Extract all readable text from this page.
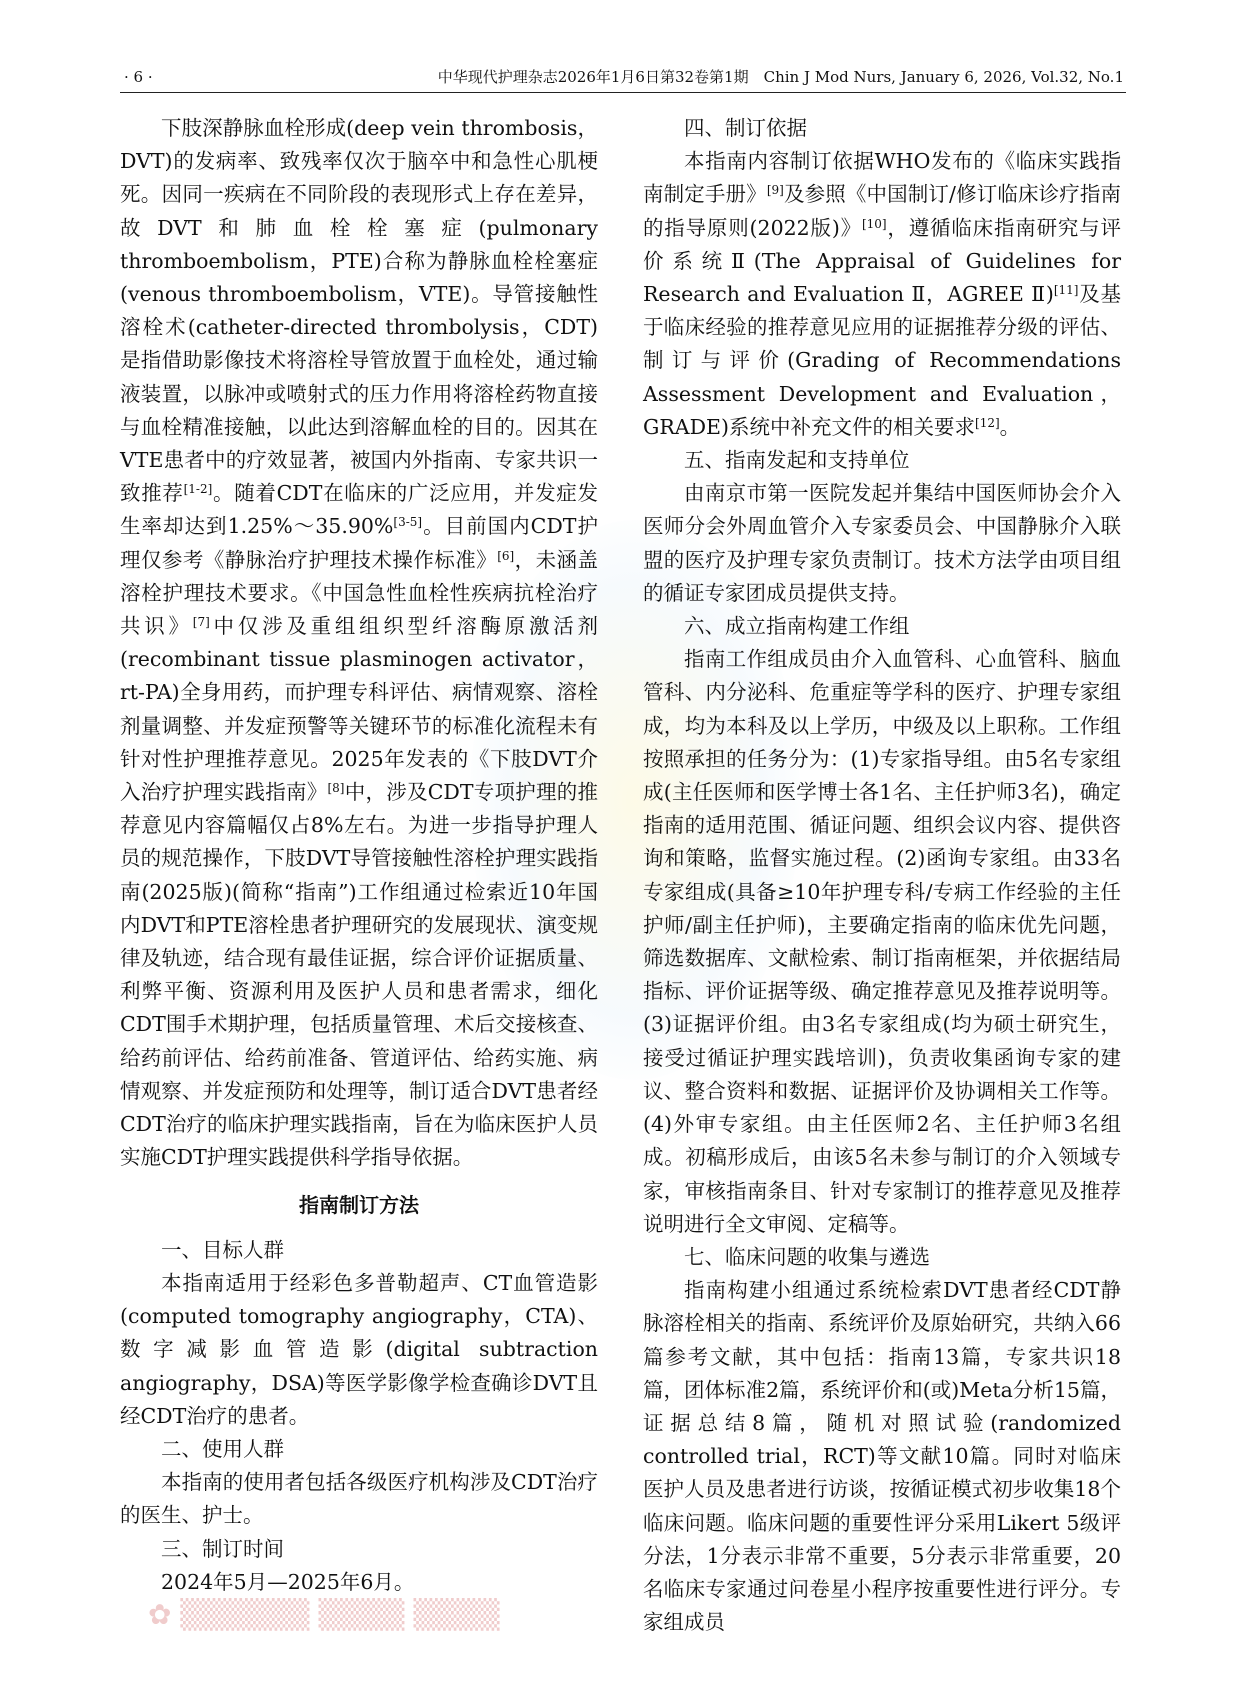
· 6 ·	中华现代护理杂志2026年1月6日第32卷第1期　Chin J Mod Nurs, January 6, 2026, Vol.32, No.1

下肢深静脉血栓形成(deep vein thrombosis，DVT)的发病率、致残率仅次于脑卒中和急性心肌梗死。因同一疾病在不同阶段的表现形式上存在差异，故DVT和肺血栓栓塞症(pulmonary thromboembolism，PTE)合称为静脉血栓栓塞症(venous thromboembolism，VTE)。导管接触性溶栓术(catheter-directed thrombolysis，CDT)是指借助影像技术将溶栓导管放置于血栓处，通过输液装置，以脉冲或喷射式的压力作用将溶栓药物直接与血栓精准接触，以此达到溶解血栓的目的。因其在VTE患者中的疗效显著，被国内外指南、专家共识一致推荐[1-2]。随着CDT在临床的广泛应用，并发症发生率却达到1.25%～35.90%[3-5]。目前国内CDT护理仅参考《静脉治疗护理技术操作标准》[6]，未涵盖溶栓护理技术要求。《中国急性血栓性疾病抗栓治疗共识》[7]中仅涉及重组组织型纤溶酶原激活剂(recombinant tissue plasminogen activator，rt-PA)全身用药，而护理专科评估、病情观察、溶栓剂量调整、并发症预警等关键环节的标准化流程未有针对性护理推荐意见。2025年发表的《下肢DVT介入治疗护理实践指南》[8]中，涉及CDT专项护理的推荐意见内容篇幅仅占8%左右。为进一步指导护理人员的规范操作，下肢DVT导管接触性溶栓护理实践指南(2025版)(简称“指南”)工作组通过检索近10年国内DVT和PTE溶栓患者护理研究的发展现状、演变规律及轨迹，结合现有最佳证据，综合评价证据质量、利弊平衡、资源利用及医护人员和患者需求，细化CDT围手术期护理，包括质量管理、术后交接核查、给药前评估、给药前准备、管道评估、给药实施、病情观察、并发症预防和处理等，制订适合DVT患者经CDT治疗的临床护理实践指南，旨在为临床医护人员实施CDT护理实践提供科学指导依据。

指南制订方法

一、目标人群

本指南适用于经彩色多普勒超声、CT血管造影(computed tomography angiography，CTA)、数字减影血管造影(digital subtraction angiography，DSA)等医学影像学检查确诊DVT且经CDT治疗的患者。

二、使用人群

本指南的使用者包括各级医疗机构涉及CDT治疗的医生、护士。

三、制订时间

2024年5月—2025年6月。

四、制订依据

本指南内容制订依据WHO发布的《临床实践指南制定手册》[9]及参照《中国制订/修订临床诊疗指南的指导原则(2022版)》[10]，遵循临床指南研究与评价系统Ⅱ(The Appraisal of Guidelines for Research and Evaluation Ⅱ，AGREE Ⅱ)[11]及基于临床经验的推荐意见应用的证据推荐分级的评估、制订与评价(Grading of Recommendations Assessment Development and Evaluation，GRADE)系统中补充文件的相关要求[12]。

五、指南发起和支持单位

由南京市第一医院发起并集结中国医师协会介入医师分会外周血管介入专家委员会、中国静脉介入联盟的医疗及护理专家负责制订。技术方法学由项目组的循证专家团成员提供支持。

六、成立指南构建工作组

指南工作组成员由介入血管科、心血管科、脑血管科、内分泌科、危重症等学科的医疗、护理专家组成，均为本科及以上学历，中级及以上职称。工作组按照承担的任务分为：(1)专家指导组。由5名专家组成(主任医师和医学博士各1名、主任护师3名)，确定指南的适用范围、循证问题、组织会议内容、提供咨询和策略，监督实施过程。(2)函询专家组。由33名专家组成(具备≥10年护理专科/专病工作经验的主任护师/副主任护师)，主要确定指南的临床优先问题，筛选数据库、文献检索、制订指南框架，并依据结局指标、评价证据等级、确定推荐意见及推荐说明等。(3)证据评价组。由3名专家组成(均为硕士研究生，接受过循证护理实践培训)，负责收集函询专家的建议、整合资料和数据、证据评价及协调相关工作等。(4)外审专家组。由主任医师2名、主任护师3名组成。初稿形成后，由该5名未参与制订的介入领域专家，审核指南条目、针对专家制订的推荐意见及推荐说明进行全文审阅、定稿等。

七、临床问题的收集与遴选

指南构建小组通过系统检索DVT患者经CDT静脉溶栓相关的指南、系统评价及原始研究，共纳入66篇参考文献，其中包括：指南13篇，专家共识18篇，团体标准2篇，系统评价和(或)Meta分析15篇，证据总结8篇，随机对照试验(randomized controlled trial，RCT)等文献10篇。同时对临床医护人员及患者进行访谈，按循证模式初步收集18个临床问题。临床问题的重要性评分采用Likert 5级评分法，1分表示非常不重要，5分表示非常重要，20名临床专家通过问卷星小程序按重要性进行评分。专家组成员

✿ ▒▒▒▒▒▒ ▒▒▒▒ ▒▒▒▒
